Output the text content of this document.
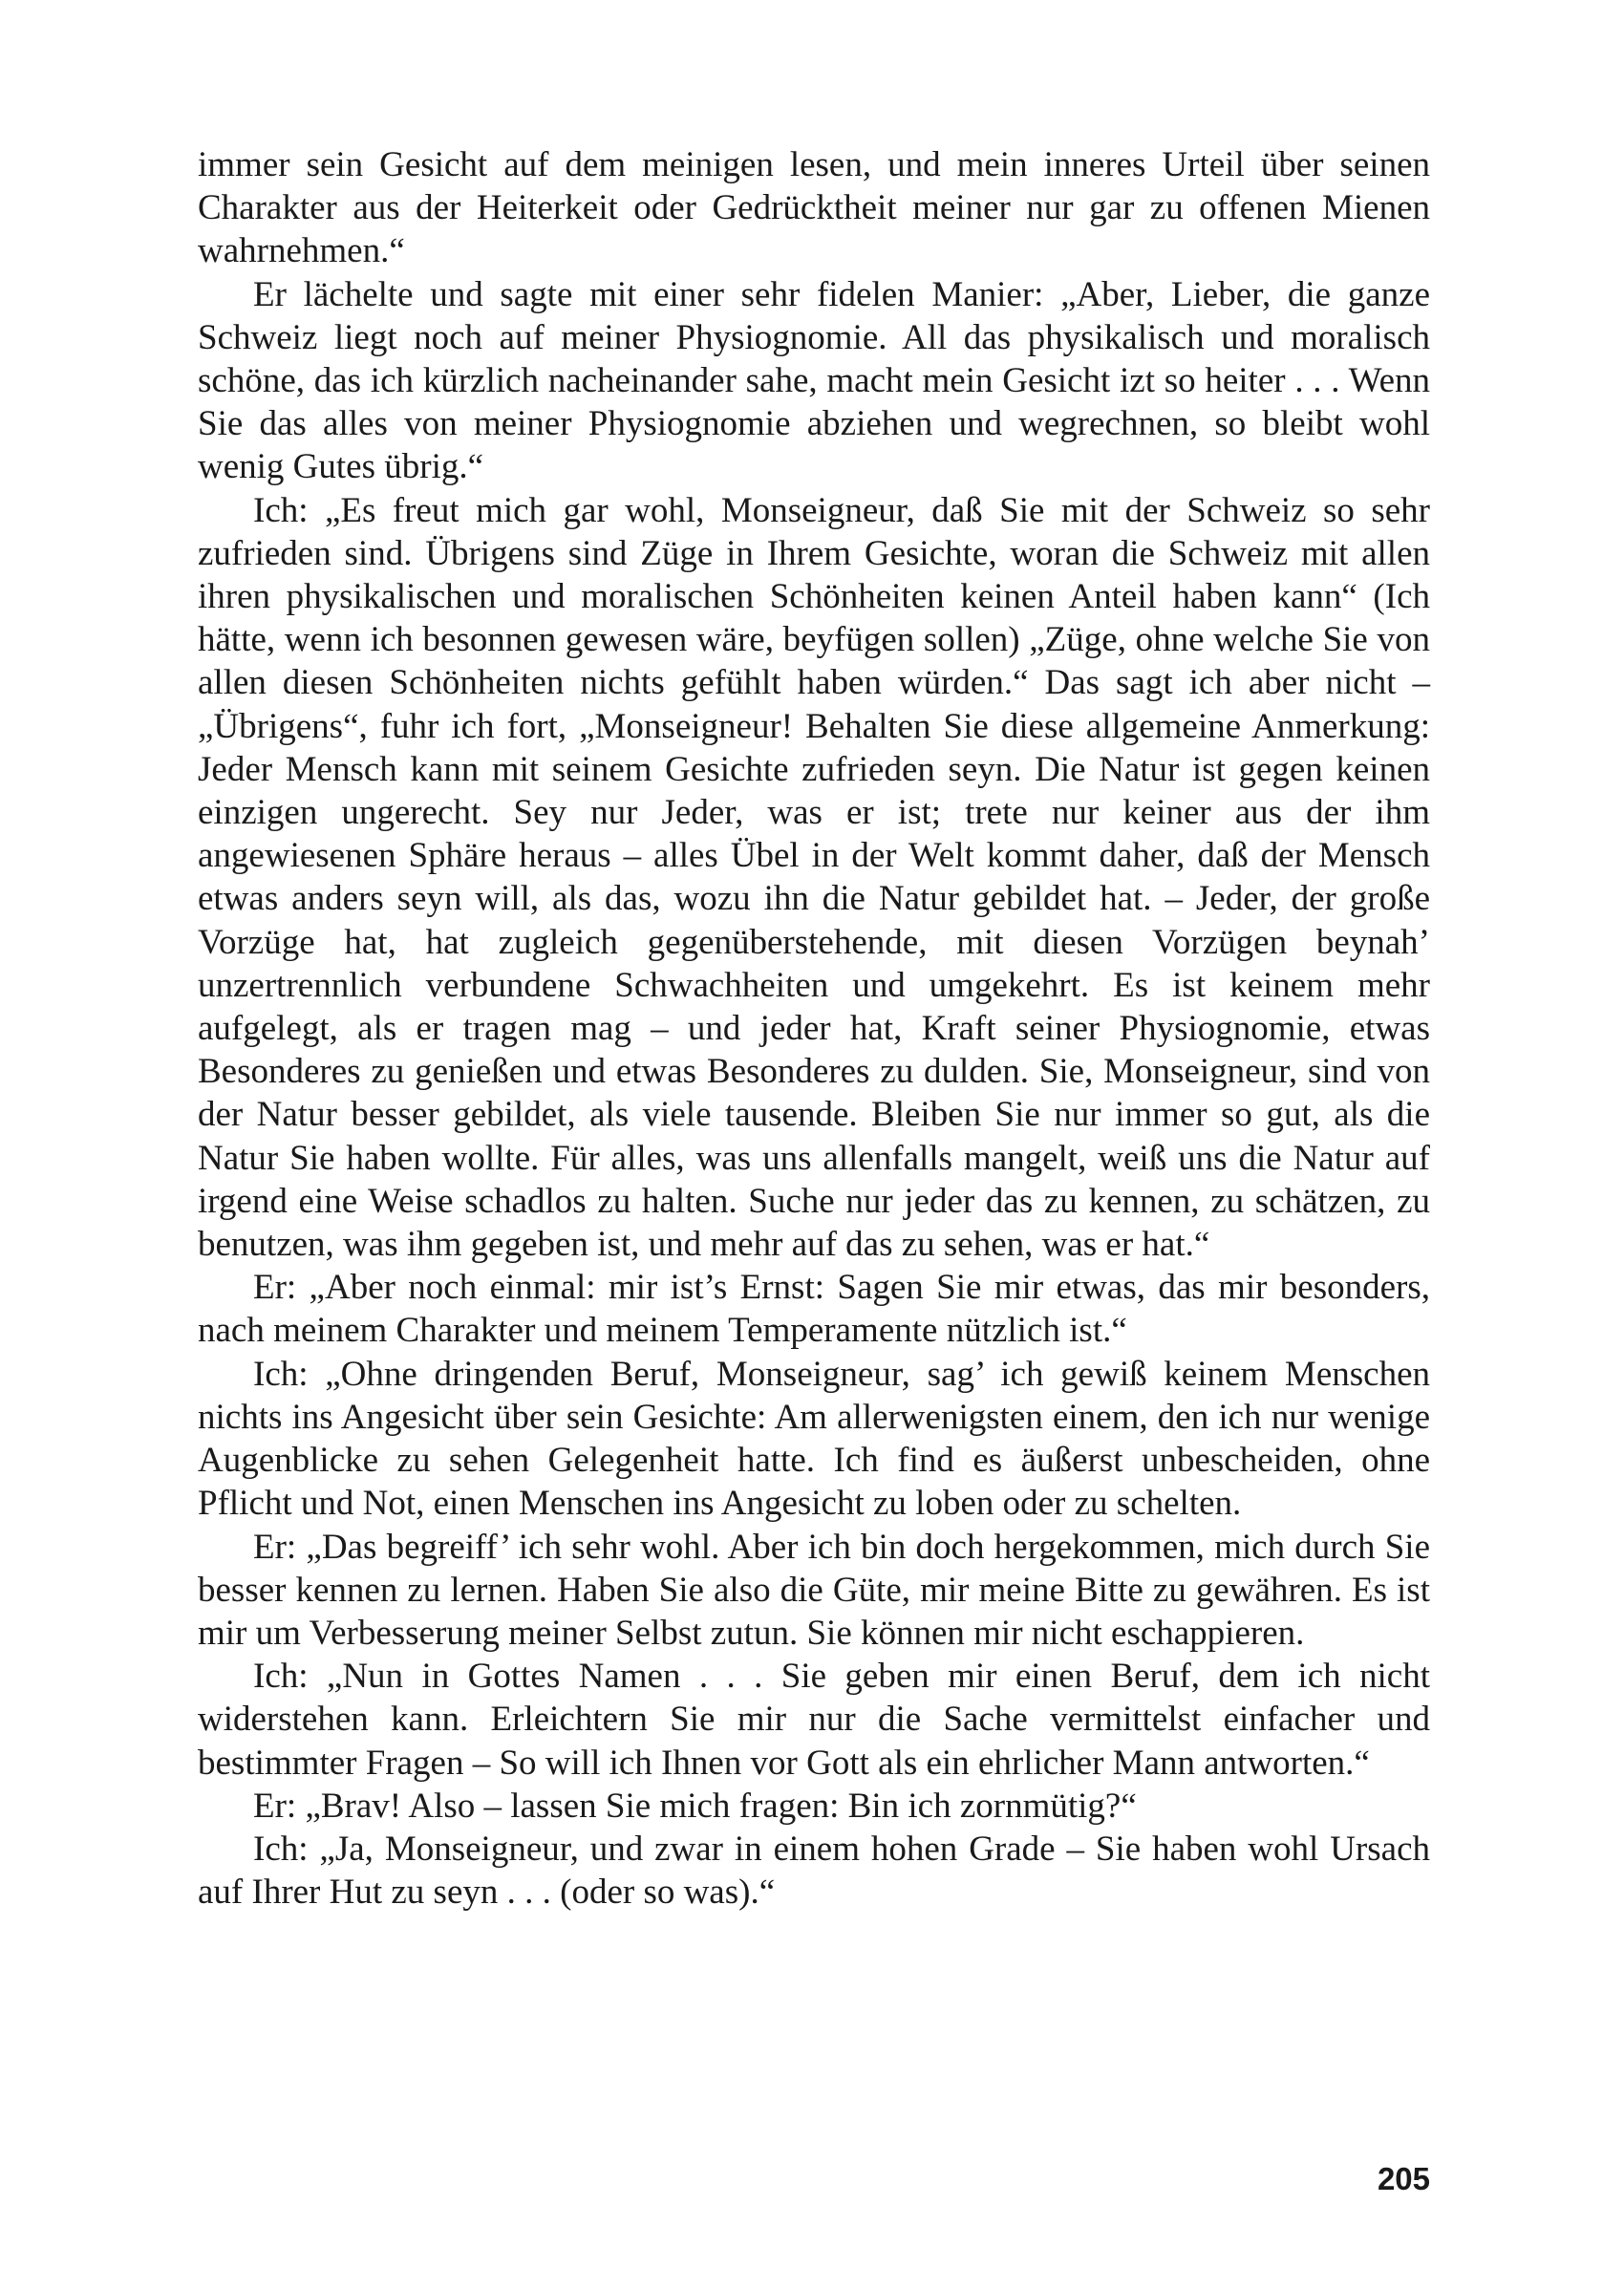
immer sein Gesicht auf dem meinigen lesen, und mein inneres Urteil über seinen Charakter aus der Heiterkeit oder Gedrücktheit meiner nur gar zu offenen Mienen wahrnehmen.“

Er lächelte und sagte mit einer sehr fidelen Manier: „Aber, Lieber, die ganze Schweiz liegt noch auf meiner Physiognomie. All das physikalisch und moralisch schöne, das ich kürzlich nacheinander sahe, macht mein Gesicht izt so heiter . . . Wenn Sie das alles von meiner Physiognomie abziehen und wegrechnen, so bleibt wohl wenig Gutes übrig.“

Ich: „Es freut mich gar wohl, Monseigneur, daß Sie mit der Schweiz so sehr zufrieden sind. Übrigens sind Züge in Ihrem Gesichte, woran die Schweiz mit allen ihren physikalischen und moralischen Schönheiten keinen Anteil haben kann“ (Ich hätte, wenn ich besonnen gewesen wäre, beyfügen sollen) „Züge, ohne welche Sie von allen diesen Schönheiten nichts gefühlt haben würden.“ Das sagt ich aber nicht – „Übrigens“, fuhr ich fort, „Monseigneur! Behalten Sie diese allgemeine Anmerkung: Jeder Mensch kann mit seinem Gesichte zufrieden seyn. Die Natur ist gegen keinen einzigen ungerecht. Sey nur Jeder, was er ist; trete nur keiner aus der ihm angewiesenen Sphäre heraus – alles Übel in der Welt kommt daher, daß der Mensch etwas anders seyn will, als das, wozu ihn die Natur gebildet hat. – Jeder, der große Vorzüge hat, hat zugleich gegenüberstehende, mit diesen Vorzügen beynah’ unzertrennlich verbundene Schwachheiten und umgekehrt. Es ist keinem mehr aufgelegt, als er tragen mag – und jeder hat, Kraft seiner Physiognomie, etwas Besonderes zu genießen und etwas Besonderes zu dulden. Sie, Monseigneur, sind von der Natur besser gebildet, als viele tausende. Bleiben Sie nur immer so gut, als die Natur Sie haben wollte. Für alles, was uns allenfalls mangelt, weiß uns die Natur auf irgend eine Weise schadlos zu halten. Suche nur jeder das zu kennen, zu schätzen, zu benutzen, was ihm gegeben ist, und mehr auf das zu sehen, was er hat.“

Er: „Aber noch einmal: mir ist’s Ernst: Sagen Sie mir etwas, das mir besonders, nach meinem Charakter und meinem Temperamente nützlich ist.“

Ich: „Ohne dringenden Beruf, Monseigneur, sag’ ich gewiß keinem Menschen nichts ins Angesicht über sein Gesichte: Am allerwenigsten einem, den ich nur wenige Augenblicke zu sehen Gelegenheit hatte. Ich find es äußerst unbescheiden, ohne Pflicht und Not, einen Menschen ins Angesicht zu loben oder zu schelten.

Er: „Das begreiff’ ich sehr wohl. Aber ich bin doch hergekommen, mich durch Sie besser kennen zu lernen. Haben Sie also die Güte, mir meine Bitte zu gewähren. Es ist mir um Verbesserung meiner Selbst zutun. Sie können mir nicht eschappieren.

Ich: „Nun in Gottes Namen . . . Sie geben mir einen Beruf, dem ich nicht widerstehen kann. Erleichtern Sie mir nur die Sache vermittelst einfacher und bestimmter Fragen – So will ich Ihnen vor Gott als ein ehrlicher Mann antworten.“

Er: „Brav! Also – lassen Sie mich fragen: Bin ich zornmütig?“

Ich: „Ja, Monseigneur, und zwar in einem hohen Grade – Sie haben wohl Ursach auf Ihrer Hut zu seyn . . . (oder so was).“

205
